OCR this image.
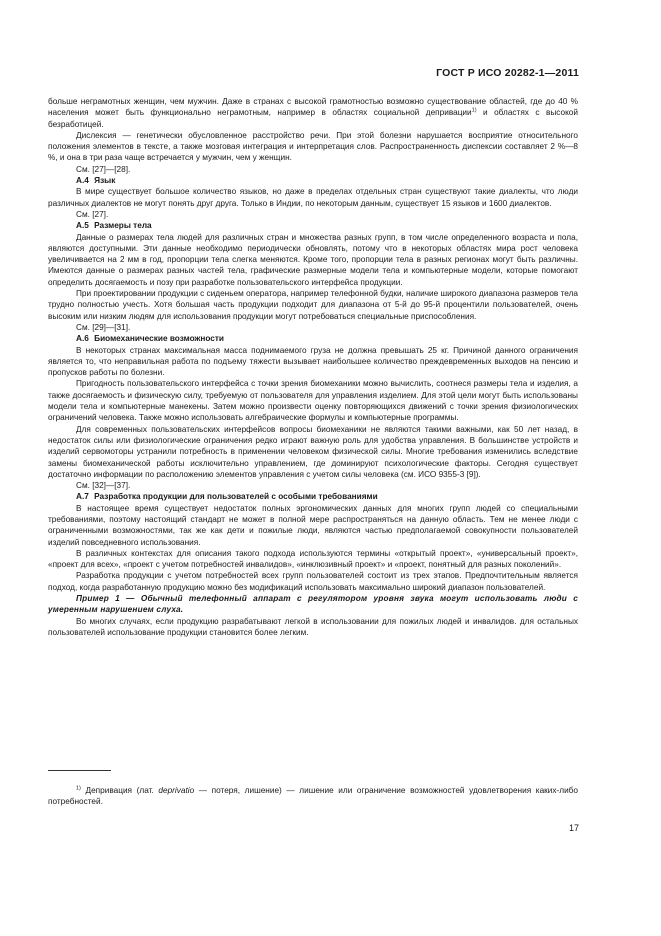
ГОСТ Р ИСО 20282-1—2011

больше неграмотных женщин, чем мужчин. Даже в странах с высокой грамотностью возможно существование областей, где до 40 % населения может быть функционально неграмотным, например в областях социальной депривации$^{1)}$ и областях с высокой безработицей.

Дислексия — генетически обусловленное расстройство речи. При этой болезни нарушается восприятие относительного положения элементов в тексте, а также мозговая интеграция и интерпретация слов. Распространенность диспексии составляет 2 %—8 %, и она в три раза чаще встречается у мужчин, чем у женщин.

См. [27]—[28].

А.4 Язык

В мире существует большое количество языков, но даже в пределах отдельных стран существуют такие диалекты, что люди различных диалектов не могут понять друг друга. Только в Индии, по некоторым данным, существует 15 языков и 1600 диалектов.

См. [27].

А.5 Размеры тела

Данные о размерах тела людей для различных стран и множества разных групп, в том числе определенного возраста и пола, являются доступными. Эти данные необходимо периодически обновлять, потому что в некоторых областях мира рост человека увеличивается на 2 мм в год, пропорции тела слегка меняются. Кроме того, пропорции тела в разных регионах могут быть различны. Имеются данные о размерах разных частей тела, графические размерные модели тела и компьютерные модели, которые помогают определить досягаемость и позу при разработке пользовательского интерфейса продукции.

При проектировании продукции с сиденьем оператора, например телефонной будки, наличие широкого диапазона размеров тела трудно полностью учесть. Хотя большая часть продукции подходит для диапазона от 5-й до 95-й процентили пользователей, очень высоким или низким людям для использования продукции могут потребоваться специальные приспособления.

См. [29]—[31].

А.6 Биомеханические возможности

В некоторых странах максимальная масса поднимаемого груза не должна превышать 25 кг. Причиной данного ограничения является то, что неправильная работа по подъему тяжести вызывает наибольшее количество преждевременных выходов на пенсию и пропусков работы по болезни.

Пригодность пользовательского интерфейса с точки зрения биомеханики можно вычислить, соотнеся размеры тела и изделия, а также досягаемость и физическую силу, требуемую от пользователя для управления изделием. Для этой цели могут быть использованы модели тела и компьютерные манекены. Затем можно произвести оценку повторяющихся движений с точки зрения физиологических ограничений человека. Также можно использовать алгебраические формулы и компьютерные программы.

Для современных пользовательских интерфейсов вопросы биомеханики не являются такими важными, как 50 лет назад, в недостаток силы или физиологические ограничения редко играют важную роль для удобства управления. В большинстве устройств и изделий сервомоторы устранили потребность в применении человеком физической силы. Многие требования изменились вследствие замены биомеханической работы исключительно управлением, где доминируют психологические факторы. Cегодня существует достаточно информации по расположению элементов управления с учетом силы человека (см. ИСО 9355-3 [9]).

См. [32]—[37].

А.7 Разработка продукции для пользователей с особыми требованиями

В настоящее время существует недостаток полных эргономических данных для многих групп людей со специальными требованиями, поэтому настоящий стандарт не может в полной мере распространяться на данную область. Тем не менее люди с ограниченными возможностями, так же как дети и пожилые люди, являются частью предполагаемой совокупности пользователей изделий повседневного использования.

В различных контекстах для описания такого подхода используются термины «открытый проект», «универсальный проект», «проект для всех», «проект с учетом потребностей инвалидов», «инклюзивный проект» и «проект, понятный для разных поколений».

Разработка продукции с учетом потребностей всех групп пользователей состоит из трех этапов. Предпочтительным является подход, когда разработанную продукцию можно без модификаций использовать максимально широкий диапазон пользователей.

Пример 1 — Обычный телефонный аппарат с регулятором уровня звука могут использовать люди с умеренным нарушением слуха.

Во многих случаях, если продукцию разрабатывают легкой в использовании для пожилых людей и инвалидов. для остальных пользователей использование продукции становится более легким.

$^{1)}$ Депривация (лат. deprivatio — потеря, лишение) — лишение или ограничение возможностей удовлетворения каких-либо потребностей.

17
